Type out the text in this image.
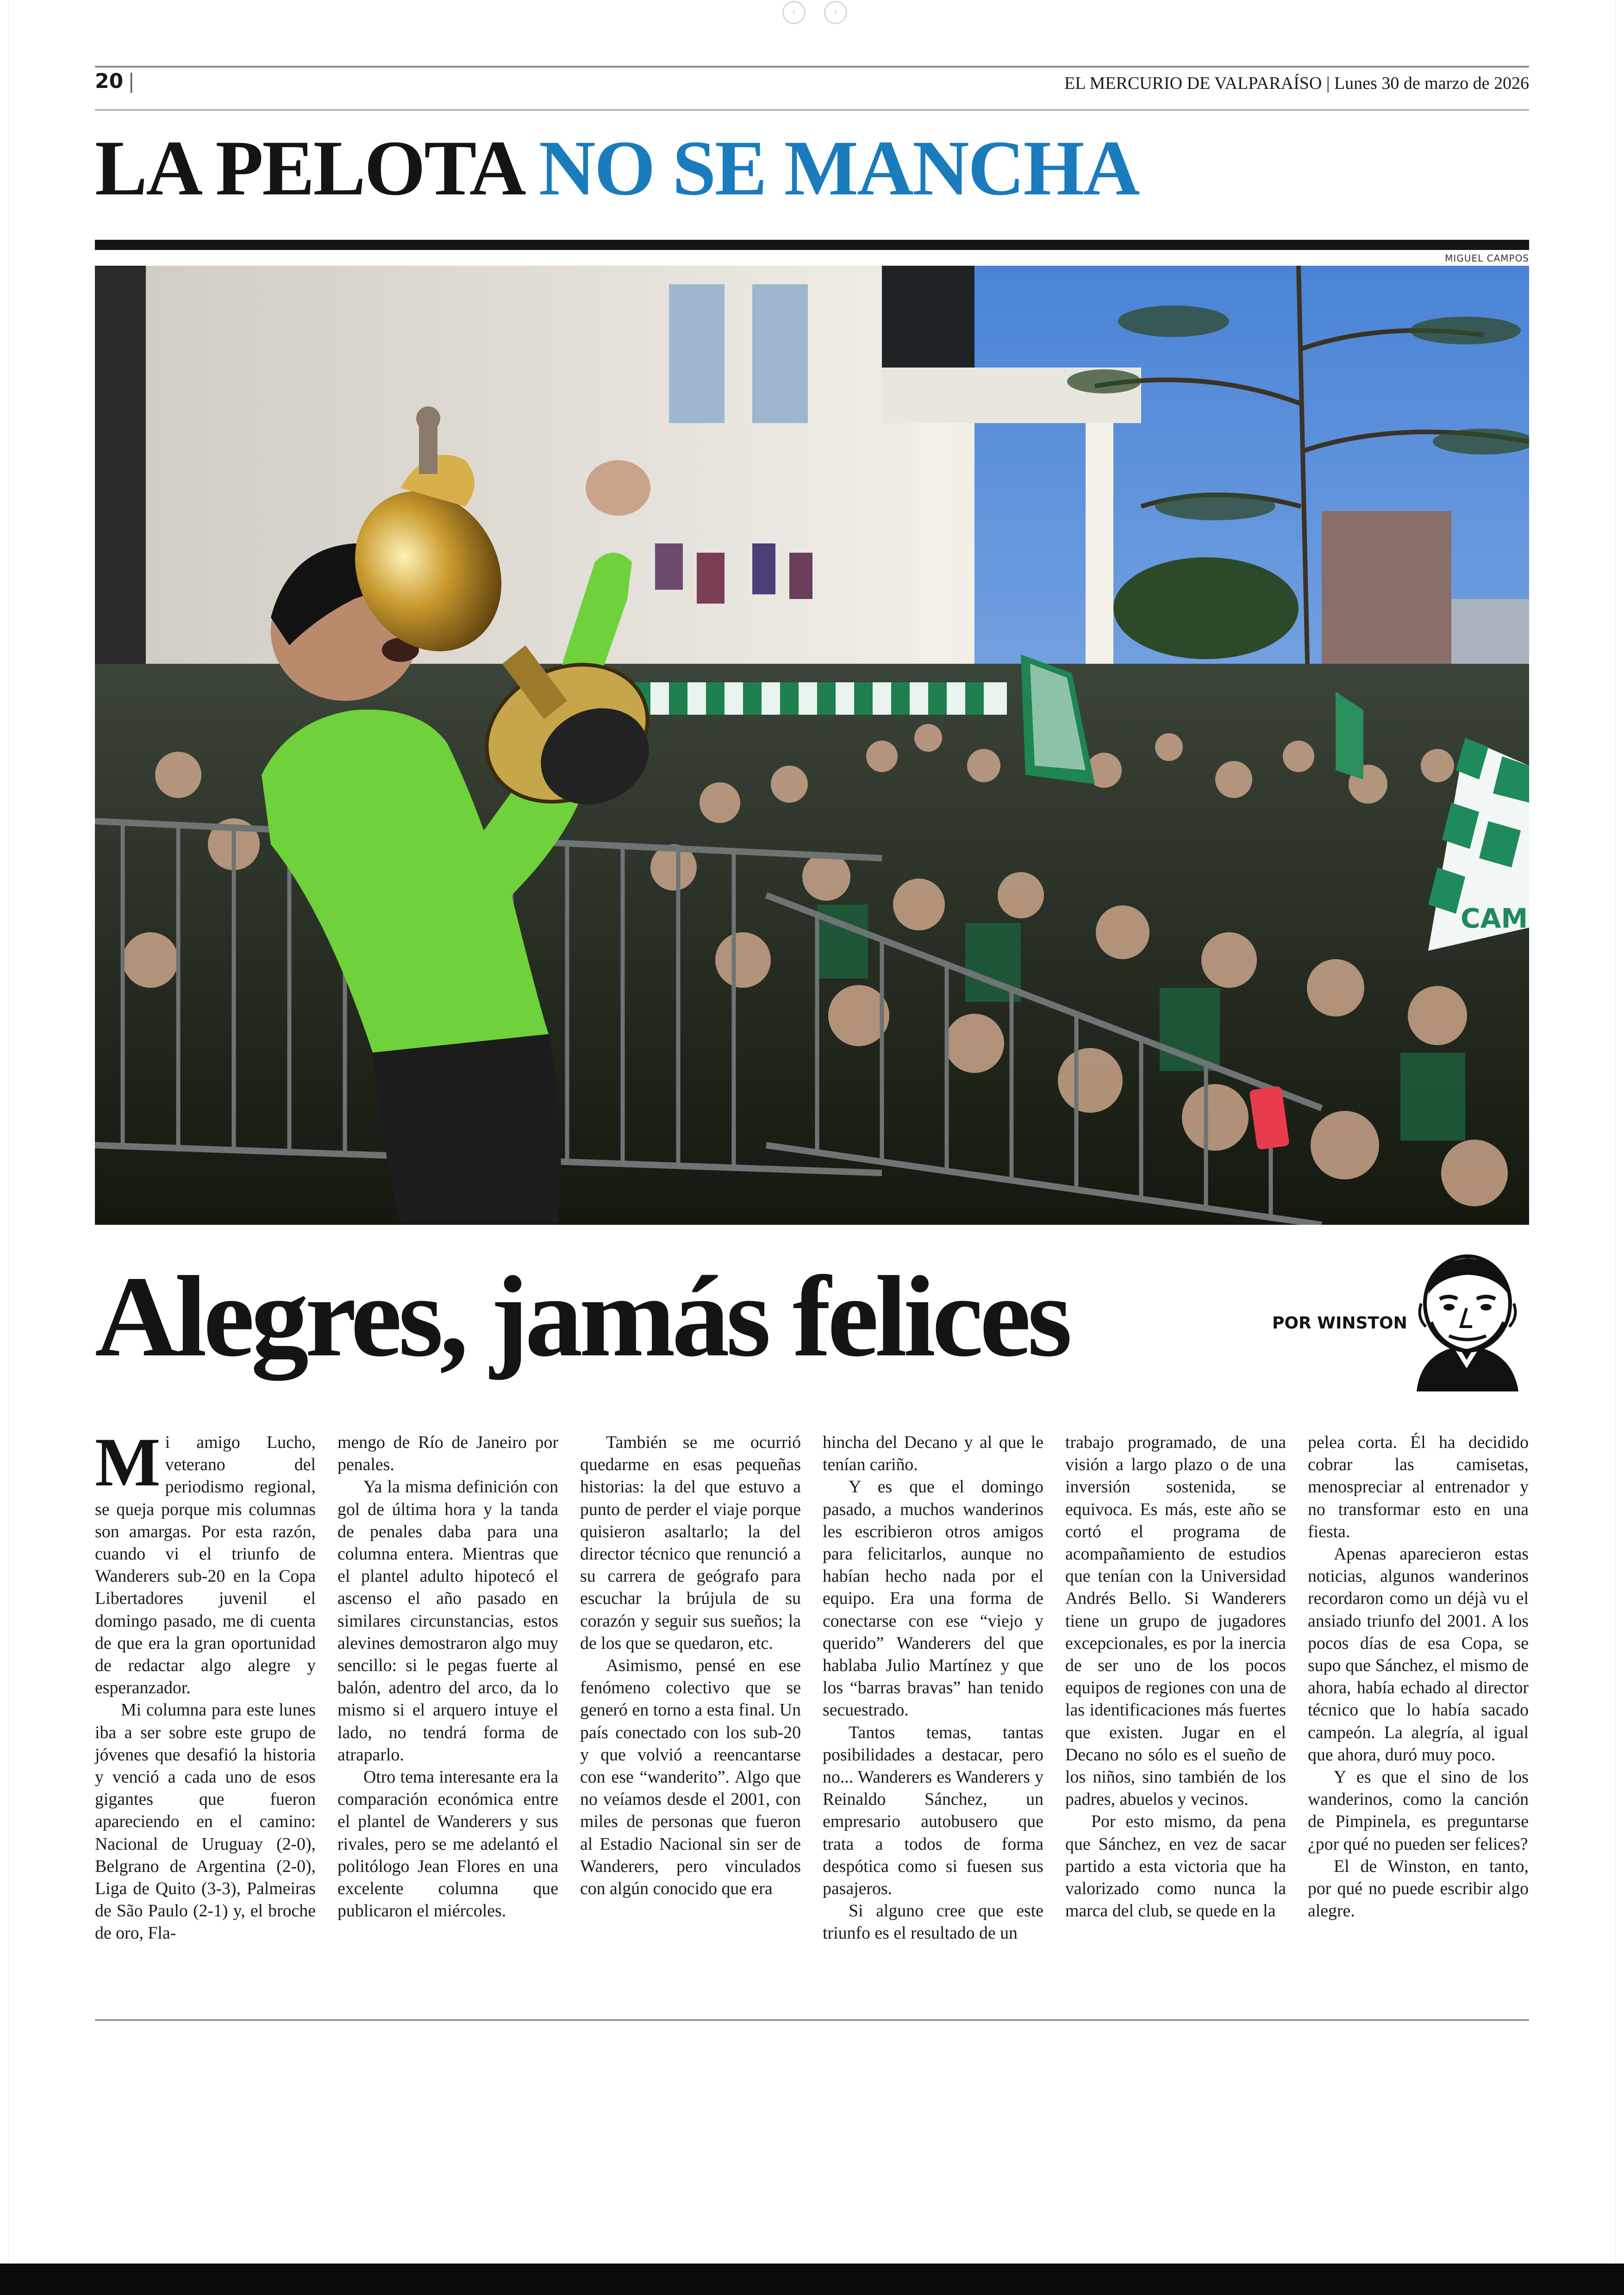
‹	›
20 |	EL MERCURIO DE VALPARAÍSO | Lunes 30 de marzo de 2026
LA PELOTA NO SE MANCHA
MIGUEL CAMPOS
CAM
Alegres, jamás felices	POR WINSTON

Mi amigo Lucho, veterano del periodismo regional, se queja porque mis columnas son amargas. Por esta razón, cuando vi el triunfo de Wanderers sub-20 en la Copa Libertadores juvenil el domingo pasado, me di cuenta de que era la gran oportunidad de redactar algo alegre y esperanzador.

Mi columna para este lunes iba a ser sobre este grupo de jóvenes que desafió la historia y venció a cada uno de esos gigantes que fueron apareciendo en el camino: Nacional de Uruguay (2-0), Belgrano de Argentina (2-0), Liga de Quito (3-3), Palmeiras de São Paulo (2-1) y, el broche de oro, Fla-

mengo de Río de Janeiro por penales.

Ya la misma definición con gol de última hora y la tanda de penales daba para una columna entera. Mientras que el plantel adulto hipotecó el ascenso el año pasado en similares circunstancias, estos alevines demostraron algo muy sencillo: si le pegas fuerte al balón, adentro del arco, da lo mismo si el arquero intuye el lado, no tendrá forma de atraparlo.

Otro tema interesante era la comparación económica entre el plantel de Wanderers y sus rivales, pero se me adelantó el politólogo Jean Flores en una excelente columna que publicaron el miércoles.

También se me ocurrió quedarme en esas pequeñas historias: la del que estuvo a punto de perder el viaje porque quisieron asaltarlo; la del director técnico que renunció a su carrera de geógrafo para escuchar la brújula de su corazón y seguir sus sueños; la de los que se quedaron, etc.

Asimismo, pensé en ese fenómeno colectivo que se generó en torno a esta final. Un país conectado con los sub-20 y que volvió a reencantarse con ese “wanderito”. Algo que no veíamos desde el 2001, con miles de personas que fueron al Estadio Nacional sin ser de Wanderers, pero vinculados con algún conocido que era

hincha del Decano y al que le tenían cariño.

Y es que el domingo pasado, a muchos wanderinos les escribieron otros amigos para felicitarlos, aunque no habían hecho nada por el equipo. Era una forma de conectarse con ese “viejo y querido” Wanderers del que hablaba Julio Martínez y que los “barras bravas” han tenido secuestrado.

Tantos temas, tantas posibilidades a destacar, pero no... Wanderers es Wanderers y Reinaldo Sánchez, un empresario autobusero que trata a todos de forma despótica como si fuesen sus pasajeros.

Si alguno cree que este triunfo es el resultado de un

trabajo programado, de una visión a largo plazo o de una inversión sostenida, se equivoca. Es más, este año se cortó el programa de acompañamiento de estudios que tenían con la Universidad Andrés Bello. Si Wanderers tiene un grupo de jugadores excepcionales, es por la inercia de ser uno de los pocos equipos de regiones con una de las identificaciones más fuertes que existen. Jugar en el Decano no sólo es el sueño de los niños, sino también de los padres, abuelos y vecinos.

Por esto mismo, da pena que Sánchez, en vez de sacar partido a esta victoria que ha valorizado como nunca la marca del club, se quede en la

pelea corta. Él ha decidido cobrar las camisetas, menospreciar al entrenador y no transformar esto en una fiesta.

Apenas aparecieron estas noticias, algunos wanderinos recordaron como un déjà vu el ansiado triunfo del 2001. A los pocos días de esa Copa, se supo que Sánchez, el mismo de ahora, había echado al director técnico que lo había sacado campeón. La alegría, al igual que ahora, duró muy poco.

Y es que el sino de los wanderinos, como la canción de Pimpinela, es preguntarse ¿por qué no pueden ser felices?

El de Winston, en tanto, por qué no puede escribir algo alegre.
